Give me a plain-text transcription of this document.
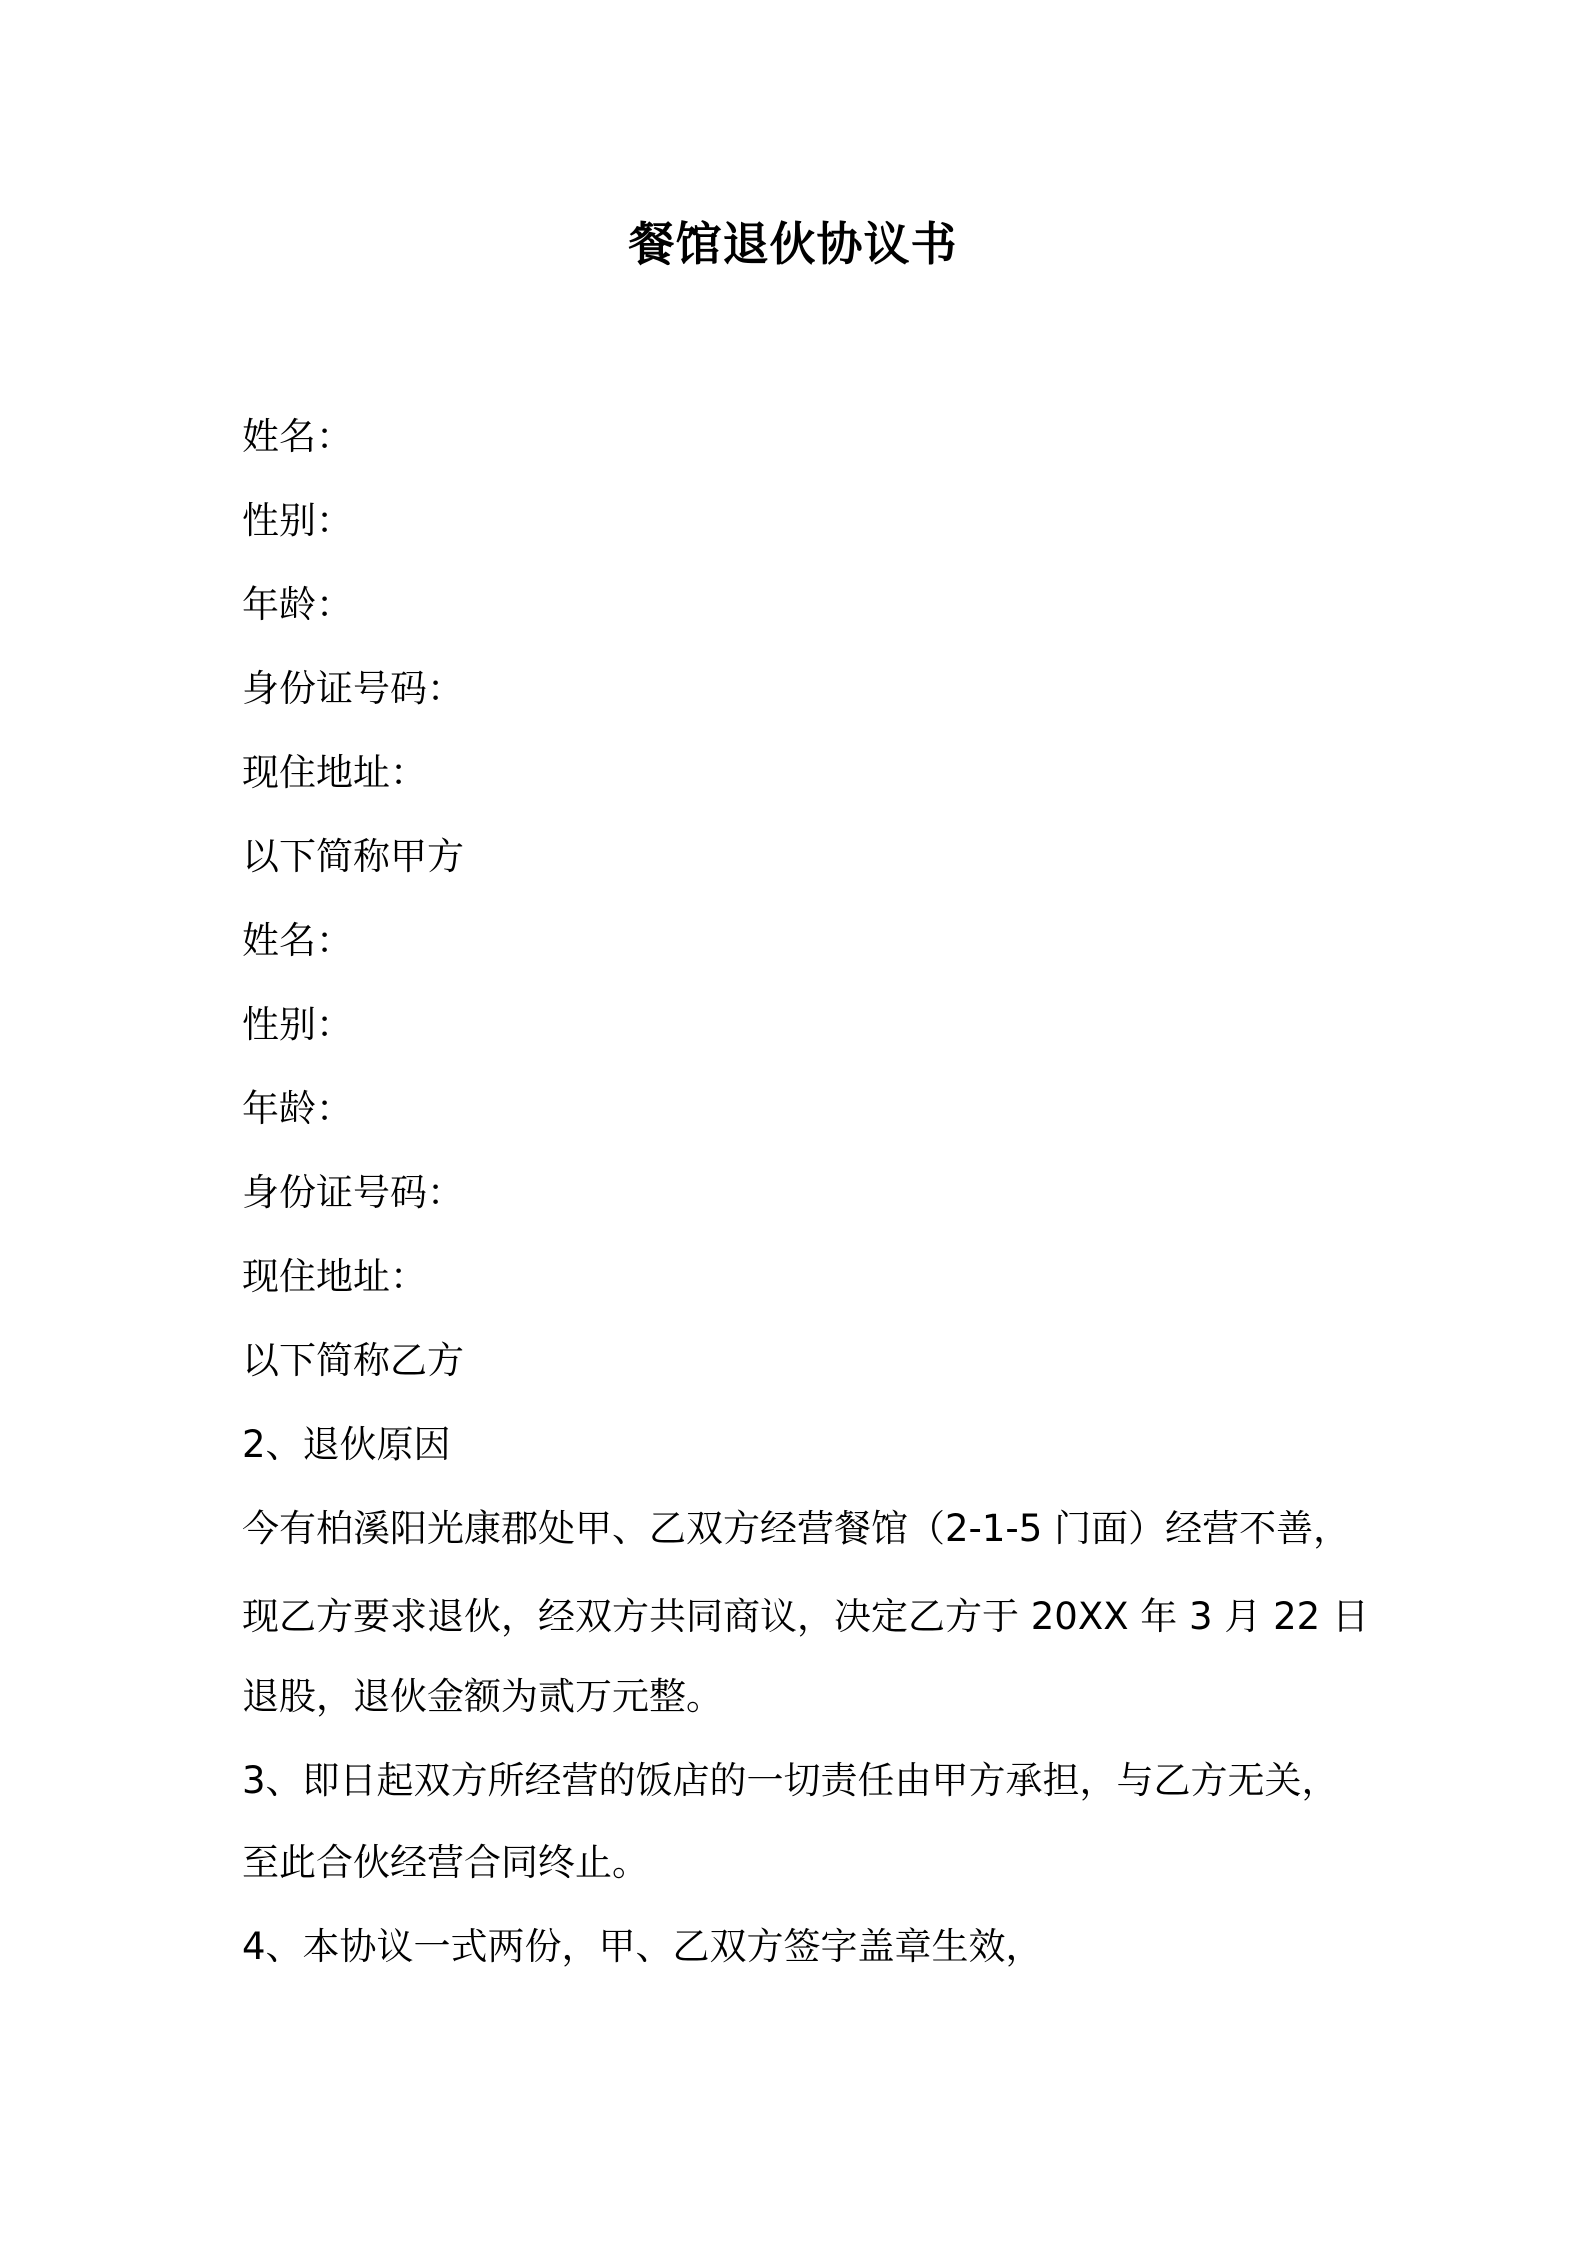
餐馆退伙协议书
姓名：
性别：
年龄：
身份证号码：
现住地址：
以下简称甲方
姓名：
性别：
年龄：
身份证号码：
现住地址：
以下简称乙方
2、退伙原因
今有柏溪阳光康郡处甲、乙双方经营餐馆（2-1-5 门面）经营不善，
现乙方要求退伙，经双方共同商议，决定乙方于 20XX 年 3 月 22 日
退股，退伙金额为贰万元整。
3、即日起双方所经营的饭店的一切责任由甲方承担，与乙方无关，
至此合伙经营合同终止。
4、本协议一式两份，甲、乙双方签字盖章生效，
